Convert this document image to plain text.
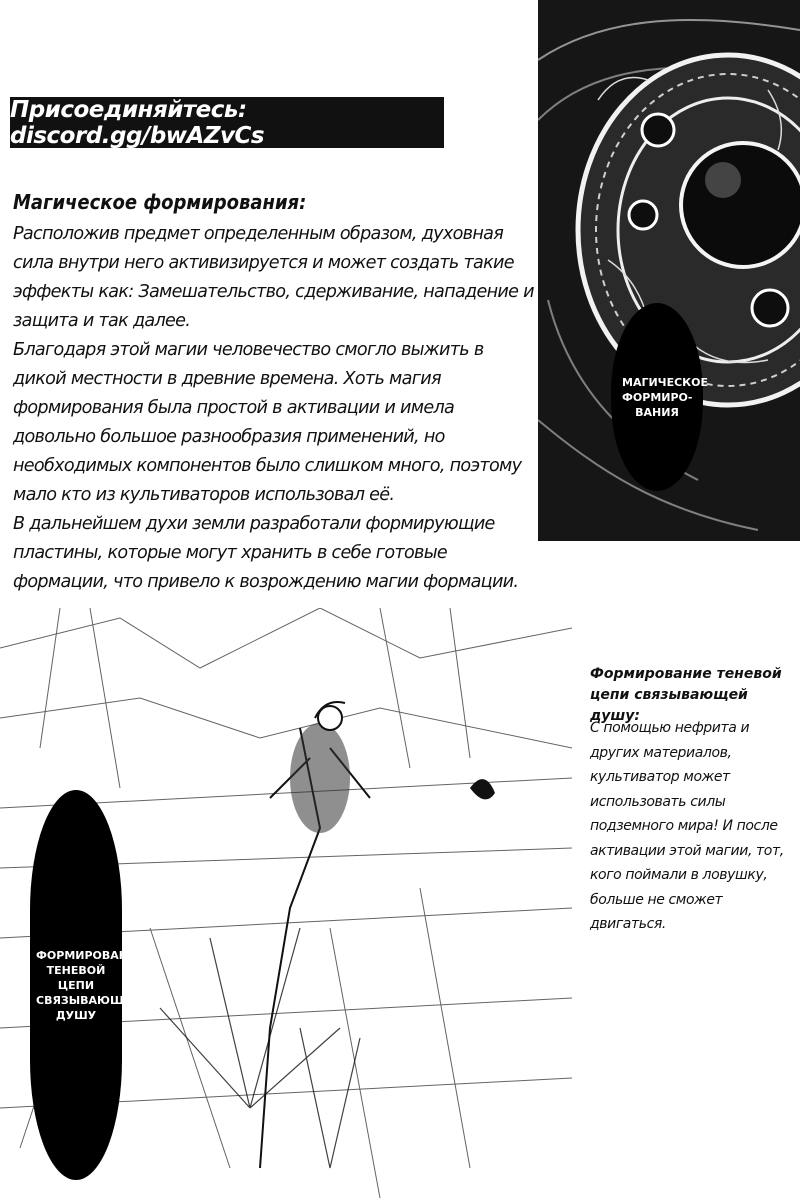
Присоединяйтесь: discord.gg/bwAZvCs
Магическое формирования:

Расположив предмет определенным образом, духовная сила внутри него активизируется и может создать такие эффекты как: Замешательство, сдерживание, нападение и защита и так далее.

Благодаря этой магии человечество смогло выжить в дикой местности в древние времена. Хоть магия формирования была простой в активации и имела довольно большое разнообразия применений, но необходимых компонентов было слишком много, поэтому мало кто из культиваторов использовал её.

В дальнейшем духи земли разработали формирующие пластины, которые могут хранить в себе готовые формации, что привело к возрождению магии формации.

МАГИЧЕСКОЕ ФОРМИРО-ВАНИЯ
ФОРМИРОВАНИЕ ТЕНЕВОЙ ЦЕПИ СВЯЗЫВАЮЩЕЙ ДУШУ
Формирование теневой цепи связывающей душу:
С помощью нефрита и других материалов, культиватор может использовать силы подземного мира! И после активации этой магии, тот, кого поймали в ловушку, больше не сможет двигаться.
